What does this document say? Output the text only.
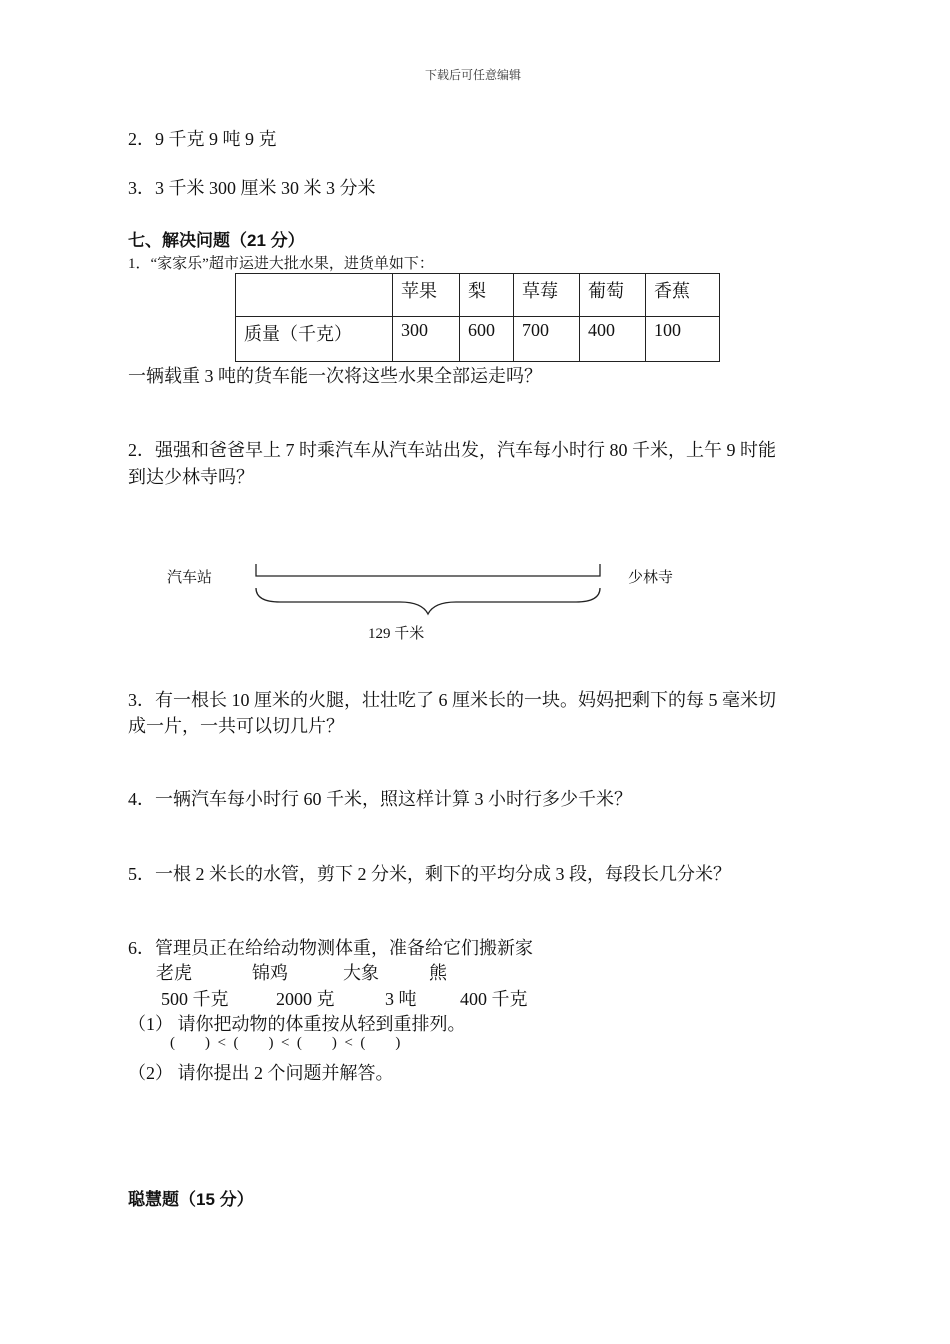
下载后可任意编辑
2．9 千克 9 吨 9 克
3．3 千米 300 厘米 30 米 3 分米
七、解决问题（21 分）
1．“家家乐”超市运进大批水果，进货单如下：
	苹果	梨	草莓	葡萄	香蕉
质量（千克）	300	600	700	400	100
一辆载重 3 吨的货车能一次将这些水果全部运走吗？
2．强强和爸爸早上 7 时乘汽车从汽车站出发，汽车每小时行 80 千米，上午 9 时能
到达少林寺吗？
汽车站	少林寺
129 千米
3．有一根长 10 厘米的火腿，壮壮吃了 6 厘米长的一块。妈妈把剩下的每 5 毫米切
成一片，一共可以切几片？
4．一辆汽车每小时行 60 千米，照这样计算 3 小时行多少千米？
5．一根 2 米长的水管，剪下 2 分米，剩下的平均分成 3 段，每段长几分米？
6．管理员正在给给动物测体重，准备给它们搬新家
老虎	锦鸡	大象	熊
500 千克	2000 克	3 吨 400 千克
（1） 请你把动物的体重按从轻到重排列。
(        )  <  (        )  <  (        )  <  (        )
（2） 请你提出 2 个问题并解答。
聪慧题（15 分）
